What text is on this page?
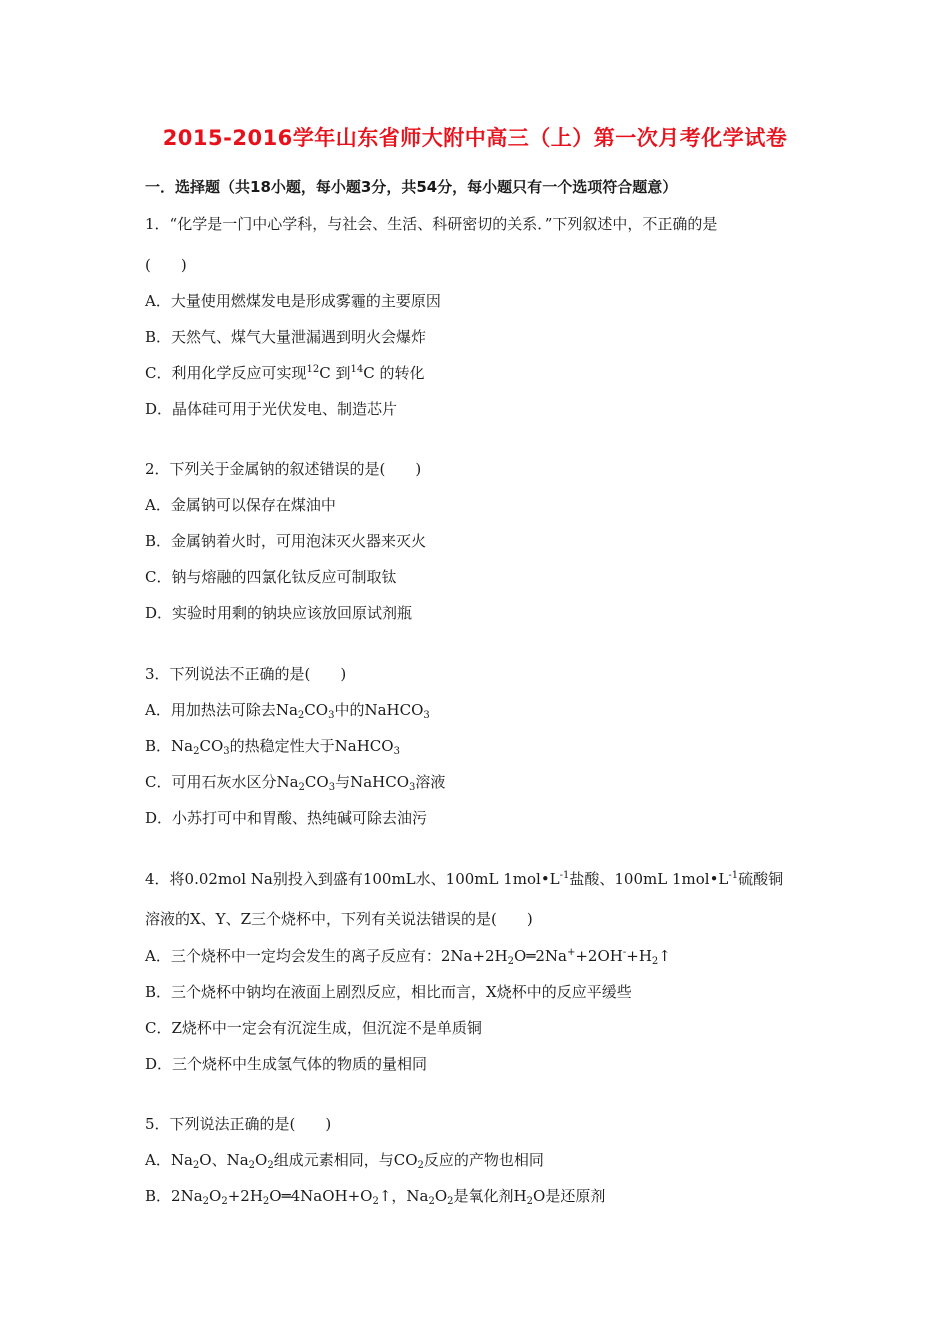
2015-2016学年山东省师大附中高三（上）第一次月考化学试卷
一．选择题（共18小题，每小题3分，共54分，每小题只有一个选项符合题意）
1．“化学是一门中心学科，与社会、生活、科研密切的关系．”下列叙述中，不正确的是
(　　)
A．大量使用燃煤发电是形成雾霾的主要原因
B．天然气、煤气大量泄漏遇到明火会爆炸
C．利用化学反应可实现$^{12}$C 到$^{14}$C 的转化
D．晶体硅可用于光伏发电、制造芯片
2．下列关于金属钠的叙述错误的是(　　)
A．金属钠可以保存在煤油中
B．金属钠着火时，可用泡沫灭火器来灭火
C．钠与熔融的四氯化钛反应可制取钛
D．实验时用剩的钠块应该放回原试剂瓶
3．下列说法不正确的是(　　)
A．用加热法可除去$Na_2CO_3$中的NaHCO$_3$
B．$Na_2CO_3$的热稳定性大于NaHCO$_3$
C．可用石灰水区分$Na_2CO_3$与NaHCO$_3$溶液
D．小苏打可中和胃酸、热纯碱可除去油污
4．将0.02mol Na别投入到盛有100mL水、100mL $1mol•L^{-1}$盐酸、100mL $1mol•L^{-1}$硫酸铜
溶液的X、Y、Z三个烧杯中，下列有关说法错误的是(　　)
A．三个烧杯中一定均会发生的离子反应有：$2Na+2H_2O═2Na^++2OH^-+H_2↑$
B．三个烧杯中钠均在液面上剧烈反应，相比而言，X烧杯中的反应平缓些
C．Z烧杯中一定会有沉淀生成，但沉淀不是单质铜
D．三个烧杯中生成氢气体的物质的量相同
5．下列说法正确的是(　　)
A．$Na_2O$、$Na_2O_2$组成元素相同，与$CO_2$反应的产物也相同
B．$2Na_2O_2+2H_2O═4NaOH+O_2↑$，$Na_2O_2$是氧化剂$H_2O$是还原剂
